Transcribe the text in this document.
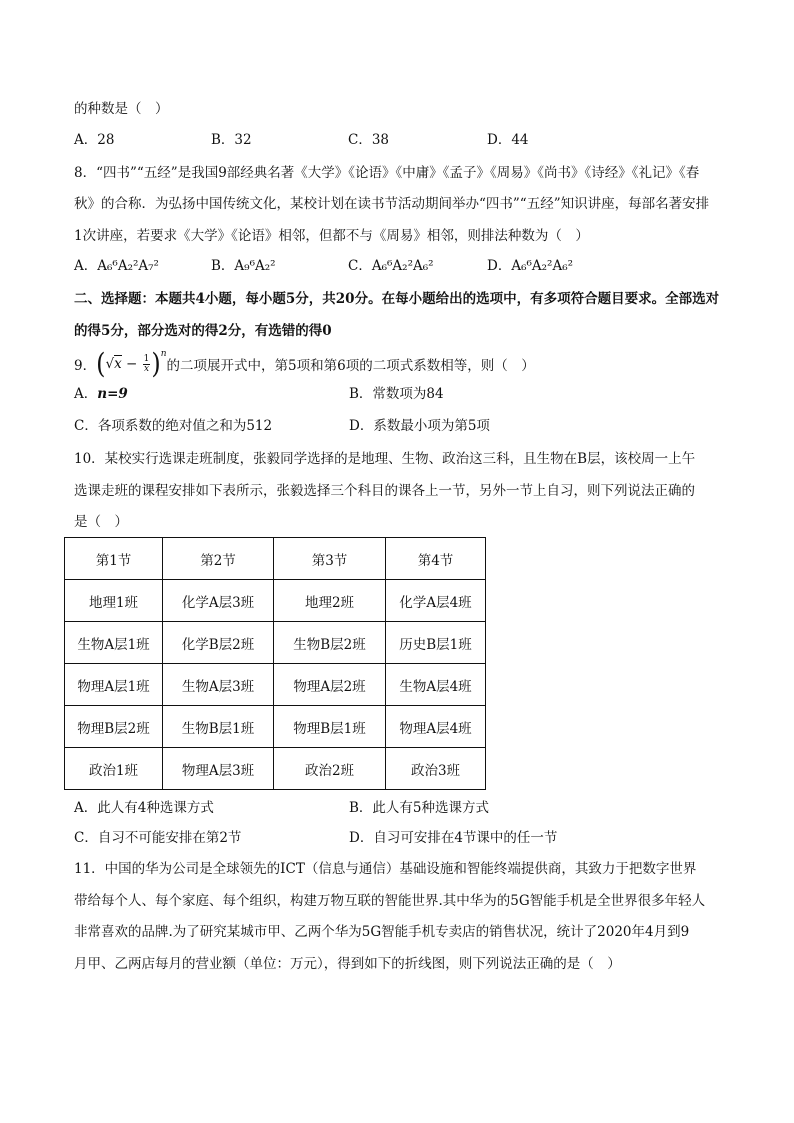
的种数是（　）
A．28	B．32	C．38	D．44
8．“四书”“五经”是我国9部经典名著《大学》《论语》《中庸》《孟子》《周易》《尚书》《诗经》《礼记》《春
秋》的合称．为弘扬中国传统文化，某校计划在读书节活动期间举办“四书”“五经”知识讲座，每部名著安排
1次讲座，若要求《大学》《论语》相邻，但都不与《周易》相邻，则排法种数为（　）
A．A₆⁶A₂²A₇²	B．A₉⁶A₂²	C．A₆⁶A₂²A₆²	D．A₆⁶A₂²A₆²
二、选择题：本题共4小题，每小题5分，共20分。在每小题给出的选项中，有多项符合题目要求。全部选对
的得5分，部分选对的得2分，有选错的得0
9． ( $√x - \frac{1}{x}$ ) n
的二项展开式中，第5项和第6项的二项式系数相等，则（　）
A．n=9	B．常数项为84
C．各项系数的绝对值之和为512	D．系数最小项为第5项
10．某校实行选课走班制度，张毅同学选择的是地理、生物、政治这三科，且生物在B层，该校周一上午
选课走班的课程安排如下表所示，张毅选择三个科目的课各上一节，另外一节上自习，则下列说法正确的
是（　）
第1节	第2节	第3节	第4节
地理1班	化学A层3班	地理2班	化学A层4班
生物A层1班	化学B层2班	生物B层2班	历史B层1班
物理A层1班	生物A层3班	物理A层2班	生物A层4班
物理B层2班	生物B层1班	物理B层1班	物理A层4班
政治1班	物理A层3班	政治2班	政治3班
A．此人有4种选课方式	B．此人有5种选课方式
C．自习不可能安排在第2节	D．自习可安排在4节课中的任一节
11．中国的华为公司是全球领先的ICT（信息与通信）基础设施和智能终端提供商，其致力于把数字世界
带给每个人、每个家庭、每个组织，构建万物互联的智能世界.其中华为的5G智能手机是全世界很多年轻人
非常喜欢的品牌.为了研究某城市甲、乙两个华为5G智能手机专卖店的销售状况，统计了2020年4月到9
月甲、乙两店每月的营业额（单位：万元），得到如下的折线图，则下列说法正确的是（　）
